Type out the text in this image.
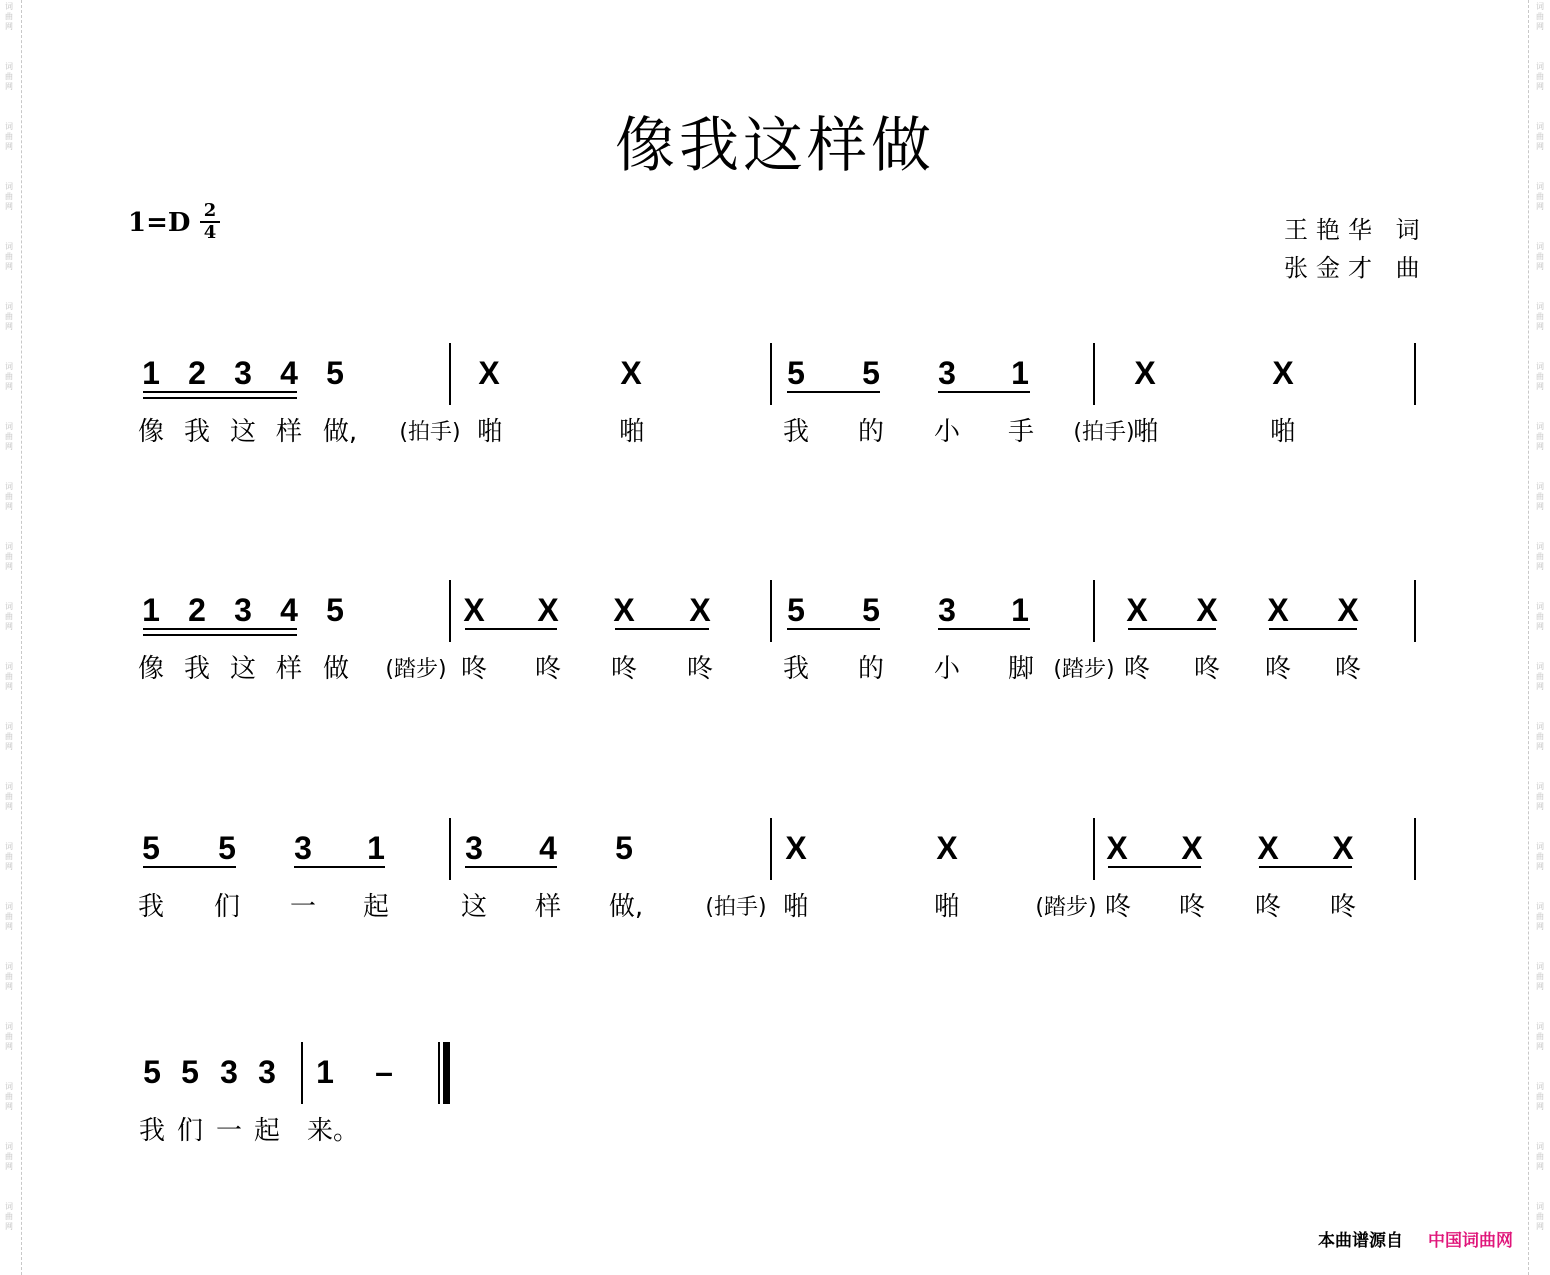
词曲网
词曲网
词曲网
词曲网
词曲网
词曲网
词曲网
词曲网
词曲网
词曲网
词曲网
词曲网
词曲网
词曲网
词曲网
词曲网
词曲网
词曲网
词曲网
词曲网
词曲网
词曲网
词曲网
词曲网
词曲网
词曲网
词曲网
词曲网
词曲网
词曲网
词曲网
词曲网
词曲网
词曲网
词曲网
词曲网
词曲网
词曲网
词曲网
词曲网
词曲网
词曲网
像我这样做
1=D 2
4	王艳华 词
张金才 曲
1 2 3 4 5	X	X	5	5	3	1	X	X
像 我 这 样 做,	(拍手) 啪	啪	我 的 小 手	(拍手)
啪	啪
1 2 3 4 5	X X X X	5	5	3	1	X X X X
像 我 这 样 做	(踏步) 咚 咚 咚 咚	我 的 小 脚 (踏步) 咚 咚 咚 咚
5	5	3	1	3	4	5	X	X	X X X X
我 们 一 起	这 样 做,	(拍手) 啪	啪	(踏步) 咚 咚 咚 咚
5 5 3 3	1	–
我 们 一 起 来。
本曲谱源自 中国词曲网
